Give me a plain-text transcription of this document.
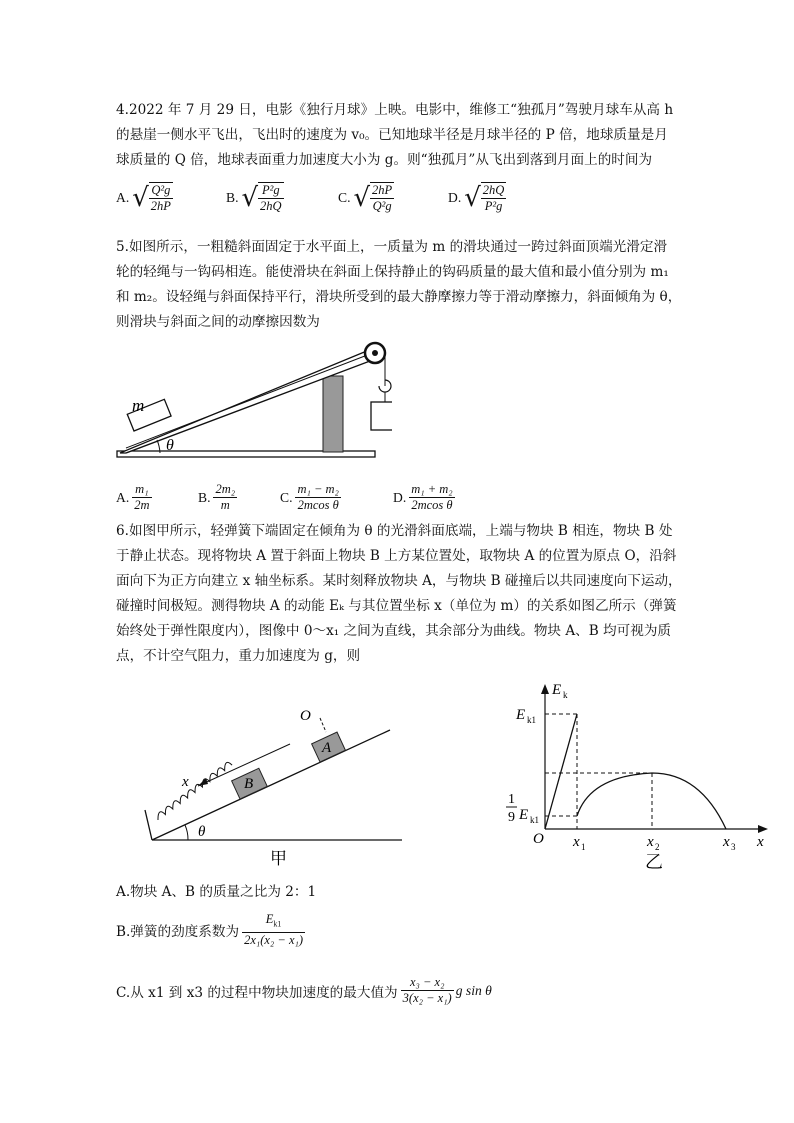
4.2022 年 7 月 29 日，电影《独行月球》上映。电影中，维修工“独孤月”驾驶月球车从高 h
的悬崖一侧水平飞出，飞出时的速度为 v₀。已知地球半径是月球半径的 P 倍，地球质量是月
球质量的 Q 倍，地球表面重力加速度大小为 g。则“独孤月”从飞出到落到月面上的时间为
A. √ $\frac{\text{Q²g}}{2hP}$	B. √ $\frac{\text{P²g}}{2hQ}$	C. √ $\frac{2hP}{\text{Q²g}}$	D. √ $\frac{2hQ}{\text{P²g}}$
5.如图所示，一粗糙斜面固定于水平面上，一质量为 m 的滑块通过一跨过斜面顶端光滑定滑
轮的轻绳与一钩码相连。能使滑块在斜面上保持静止的钩码质量的最大值和最小值分别为 m₁
和 m₂。设轻绳与斜面保持平行，滑块所受到的最大静摩擦力等于滑动摩擦力，斜面倾角为 θ，
则滑块与斜面之间的动摩擦因数为
m
θ
A. $\frac{\text{m₁}}{2m}$	B. $\frac{\text{2m₂}}{m}$	C. $\frac{\text{m₁ − m₂}}{\text{2mcos θ}}$	D. $\frac{\text{m₁ + m₂}}{\text{2mcos θ}}$
6.如图甲所示，轻弹簧下端固定在倾角为 θ 的光滑斜面底端，上端与物块 B 相连，物块 B 处
于静止状态。现将物块 A 置于斜面上物块 B 上方某位置处，取物块 A 的位置为原点 O，沿斜
面向下为正方向建立 x 轴坐标系。某时刻释放物块 A，与物块 B 碰撞后以共同速度向下运动，
碰撞时间极短。测得物块 A 的动能 Eₖ 与其位置坐标 x（单位为 m）的关系如图乙所示（弹簧
始终处于弹性限度内），图像中 0～x₁ 之间为直线，其余部分为曲线。物块 A、B 均可视为质
点，不计空气阻力，重力加速度为 g，则
B
A
O
x
θ
甲
E k
E k1
1
9 E k1
O x 1	x 2	x 3 x
乙
A.物块 A、B 的质量之比为 2：1
B.弹簧的劲度系数为 $\frac{E_{k1}}{\text{2x₁(x₂ − x₁)}}$
C.从 x1 到 x3 的过程中物块加速度的最大值为 $\frac{\text{x₃ − x₂}}{\text{3(x₂ − x₁)}}$ g sin θ
